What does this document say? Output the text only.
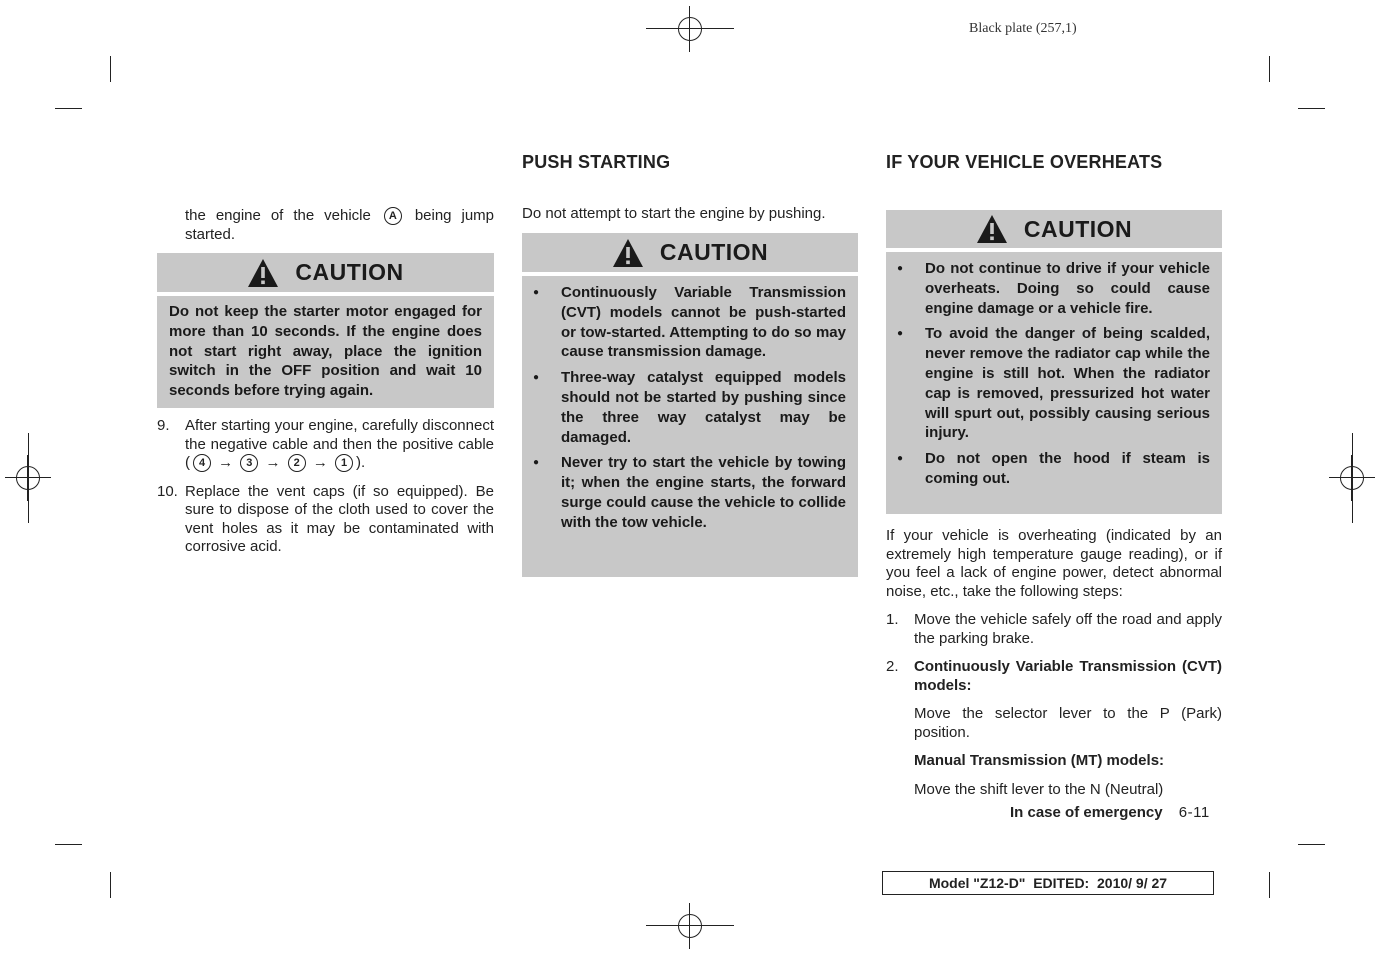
Black plate (257,1)
the engine of the vehicle A being jump started.
CAUTION

Do not keep the starter motor engaged for more than 10 seconds. If the engine does not start right away, place the ignition switch in the OFF position and wait 10 seconds before trying again.

9. After starting your engine, carefully disconnect the negative cable and then the positive cable ( 4 → 3 → 2 → 1 ).
10. Replace the vent caps (if so equipped). Be sure to dispose of the cloth used to cover the vent holes as it may be contaminated with corrosive acid.
PUSH STARTING
Do not attempt to start the engine by pushing.
CAUTION
● Continuously Variable Transmission (CVT) models cannot be push-started or tow-started. Attempting to do so may cause transmission damage.
● Three-way catalyst equipped models should not be started by pushing since the three way catalyst may be damaged.
● Never try to start the vehicle by towing it; when the engine starts, the forward surge could cause the vehicle to collide with the tow vehicle.
IF YOUR VEHICLE OVERHEATS
CAUTION
● Do not continue to drive if your vehicle overheats. Doing so could cause engine damage or a vehicle fire.
● To avoid the danger of being scalded, never remove the radiator cap while the engine is still hot. When the radiator cap is removed, pressurized hot water will spurt out, possibly causing serious injury.
● Do not open the hood if steam is coming out.

If your vehicle is overheating (indicated by an extremely high temperature gauge reading), or if you feel a lack of engine power, detect abnormal noise, etc., take the following steps:

1. Move the vehicle safely off the road and apply the parking brake.
2. Continuously Variable Transmission (CVT) models:

Move the selector lever to the P (Park) position.

Manual Transmission (MT) models:

Move the shift lever to the N (Neutral)

In case of emergency 6-11
Model "Z12-D"  EDITED:  2010/ 9/ 27
